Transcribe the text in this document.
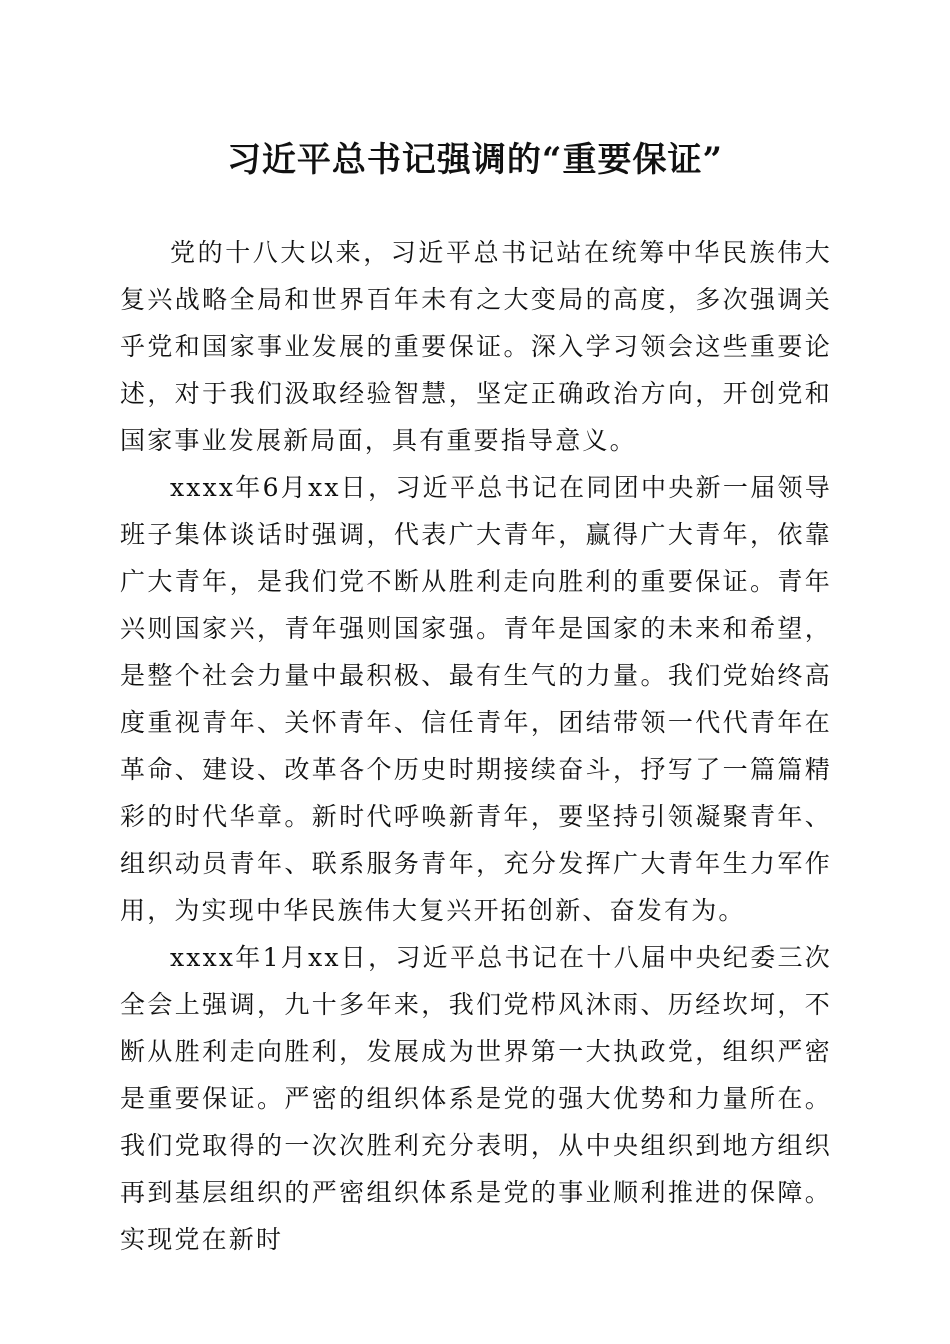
习近平总书记强调的“重要保证”

党的十八大以来，习近平总书记站在统筹中华民族伟大复兴战略全局和世界百年未有之大变局的高度，多次强调关乎党和国家事业发展的重要保证。深入学习领会这些重要论述，对于我们汲取经验智慧，坚定正确政治方向，开创党和国家事业发展新局面，具有重要指导意义。

xxxx年6月xx日，习近平总书记在同团中央新一届领导班子集体谈话时强调，代表广大青年，赢得广大青年，依靠广大青年，是我们党不断从胜利走向胜利的重要保证。青年兴则国家兴，青年强则国家强。青年是国家的未来和希望，是整个社会力量中最积极、最有生气的力量。我们党始终高度重视青年、关怀青年、信任青年，团结带领一代代青年在革命、建设、改革各个历史时期接续奋斗，抒写了一篇篇精彩的时代华章。新时代呼唤新青年，要坚持引领凝聚青年、组织动员青年、联系服务青年，充分发挥广大青年生力军作用，为实现中华民族伟大复兴开拓创新、奋发有为。

xxxx年1月xx日，习近平总书记在十八届中央纪委三次全会上强调，九十多年来，我们党栉风沐雨、历经坎坷，不断从胜利走向胜利，发展成为世界第一大执政党，组织严密是重要保证。严密的组织体系是党的强大优势和力量所在。我们党取得的一次次胜利充分表明，从中央组织到地方组织再到基层组织的严密组织体系是党的事业顺利推进的保障。实现党在新时
